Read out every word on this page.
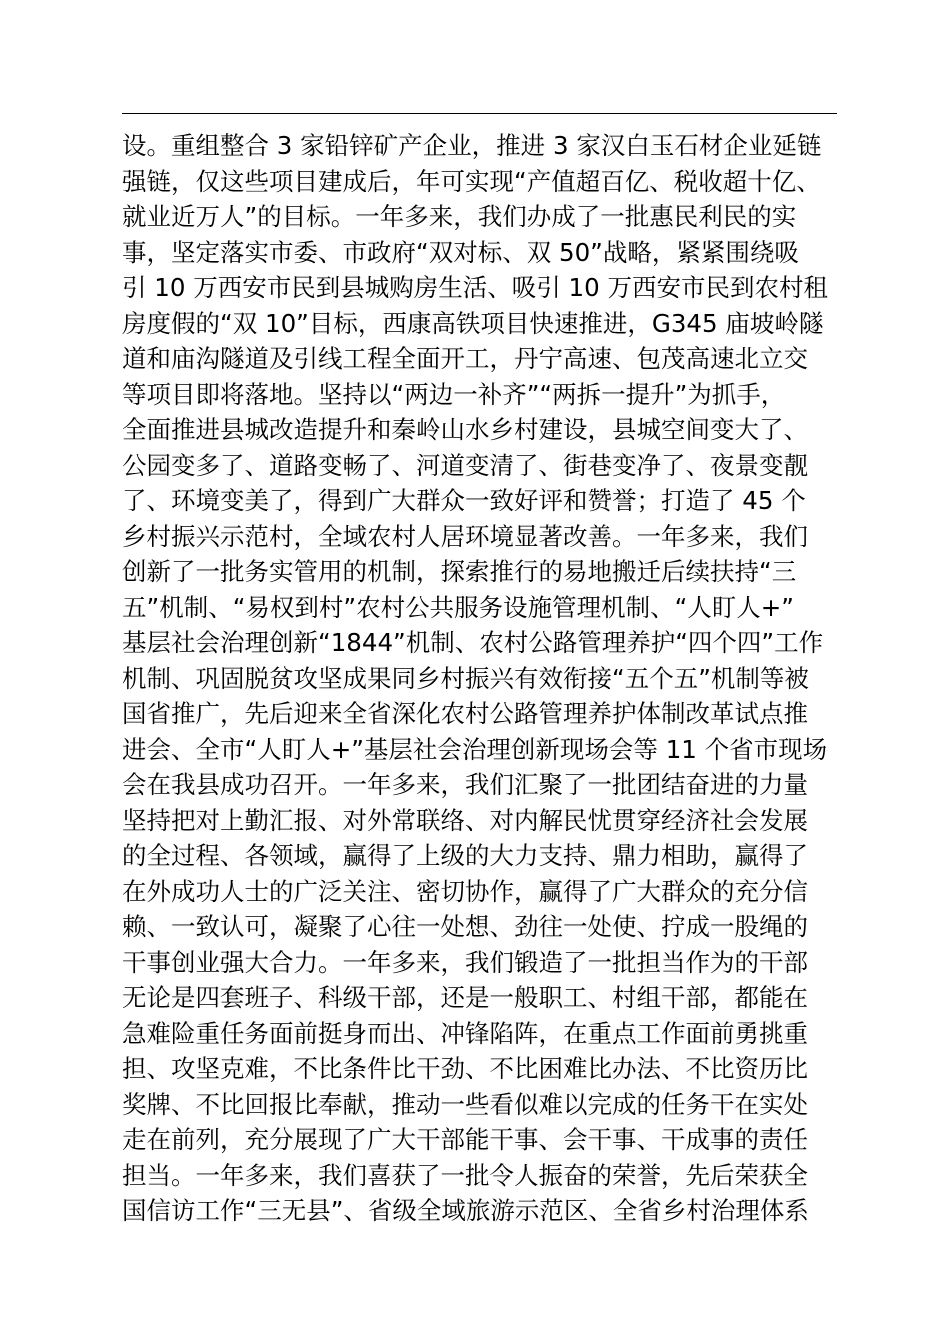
设。重组整合 3 家铅锌矿产企业，推进 3 家汉白玉石材企业延链
强链，仅这些项目建成后，年可实现“产值超百亿、税收超十亿、
就业近万人”的目标。一年多来，我们办成了一批惠民利民的实
事，坚定落实市委、市政府“双对标、双 50”战略，紧紧围绕吸
引 10 万西安市民到县城购房生活、吸引 10 万西安市民到农村租
房度假的“双 10”目标，西康高铁项目快速推进，G345 庙坡岭隧
道和庙沟隧道及引线工程全面开工，丹宁高速、包茂高速北立交
等项目即将落地。坚持以“两边一补齐”“两拆一提升”为抓手，
全面推进县城改造提升和秦岭山水乡村建设，县城空间变大了、
公园变多了、道路变畅了、河道变清了、街巷变净了、夜景变靓
了、环境变美了，得到广大群众一致好评和赞誉；打造了 45 个
乡村振兴示范村，全域农村人居环境显著改善。一年多来，我们
创新了一批务实管用的机制，探索推行的易地搬迁后续扶持“三
五”机制、“易权到村”农村公共服务设施管理机制、“人盯人+”
基层社会治理创新“1844”机制、农村公路管理养护“四个四”工作
机制、巩固脱贫攻坚成果同乡村振兴有效衔接“五个五”机制等被
国省推广，先后迎来全省深化农村公路管理养护体制改革试点推
进会、全市“人盯人+”基层社会治理创新现场会等 11 个省市现场
会在我县成功召开。一年多来，我们汇聚了一批团结奋进的力量
坚持把对上勤汇报、对外常联络、对内解民忧贯穿经济社会发展
的全过程、各领域，赢得了上级的大力支持、鼎力相助，赢得了
在外成功人士的广泛关注、密切协作，赢得了广大群众的充分信
赖、一致认可，凝聚了心往一处想、劲往一处使、拧成一股绳的
干事创业强大合力。一年多来，我们锻造了一批担当作为的干部
无论是四套班子、科级干部，还是一般职工、村组干部，都能在
急难险重任务面前挺身而出、冲锋陷阵，在重点工作面前勇挑重
担、攻坚克难，不比条件比干劲、不比困难比办法、不比资历比
奖牌、不比回报比奉献，推动一些看似难以完成的任务干在实处
走在前列，充分展现了广大干部能干事、会干事、干成事的责任
担当。一年多来，我们喜获了一批令人振奋的荣誉，先后荣获全
国信访工作“三无县”、省级全域旅游示范区、全省乡村治理体系
